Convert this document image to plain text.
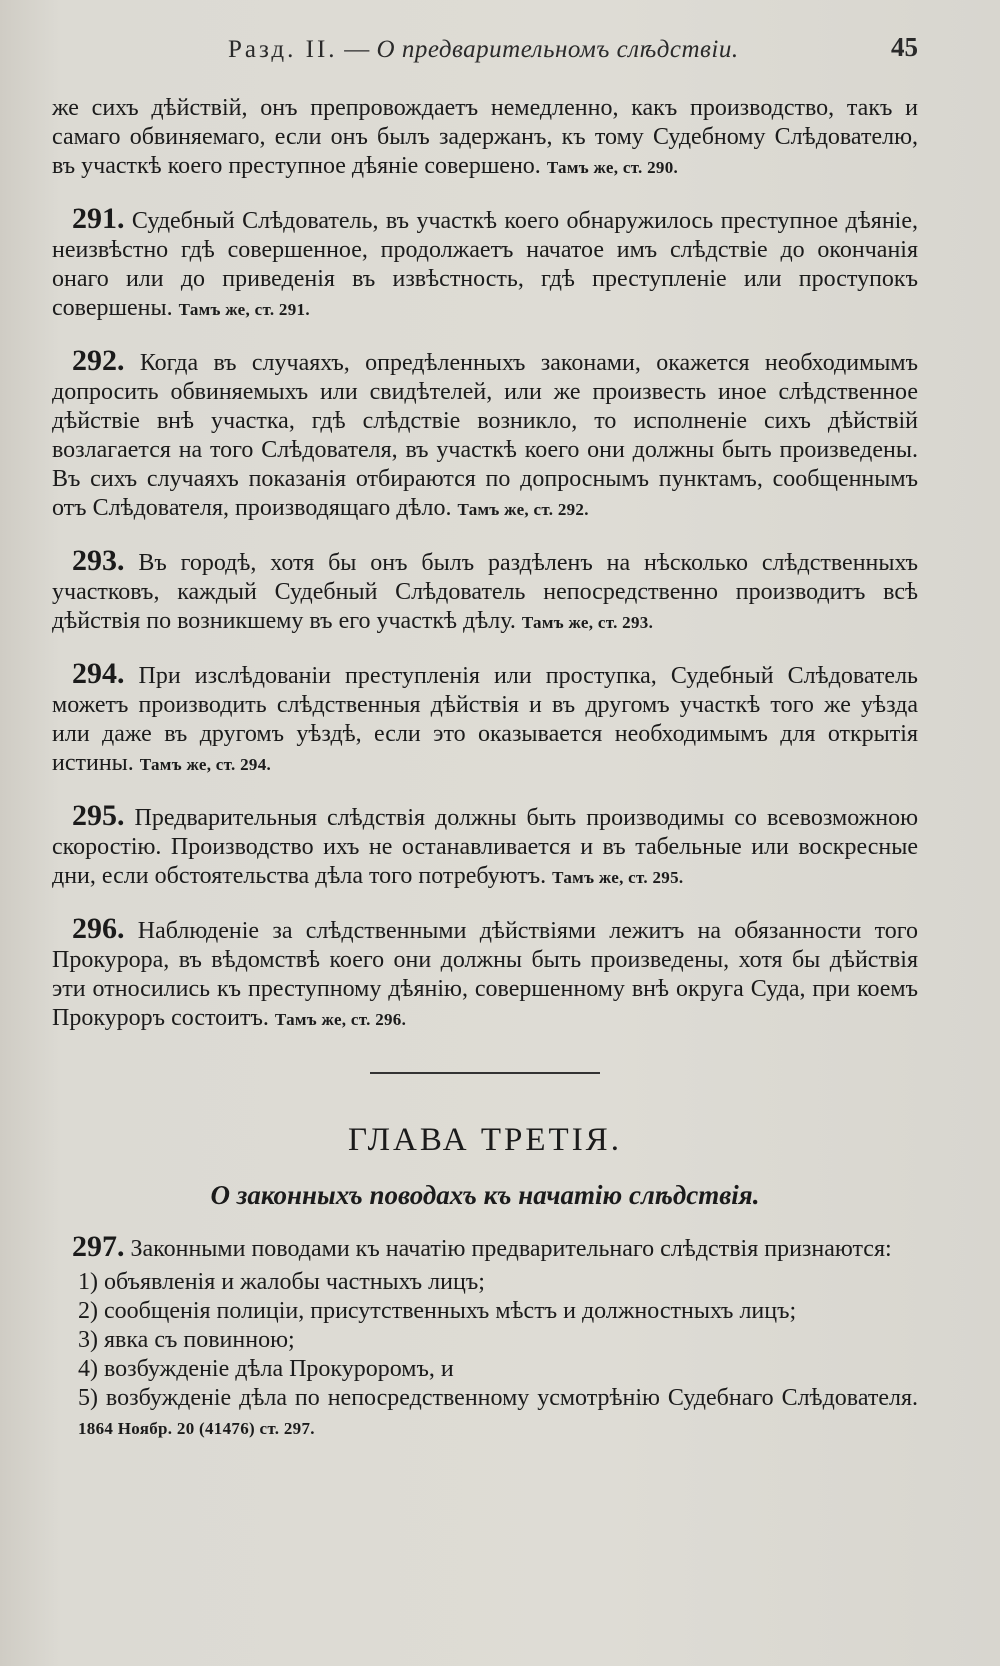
Разд. II. — О предварительномъ слѣдствіи.	45

же сихъ дѣйствій, онъ препровождаетъ немедленно, какъ производство, такъ и самаго обвиняемаго, если онъ былъ задержанъ, къ тому Судебному Слѣдователю, въ участкѣ коего преступное дѣяніе совершено. Тамъ же, ст. 290.

291. Судебный Слѣдователь, въ участкѣ коего обнаружилось преступное дѣяніе, неизвѣстно гдѣ совершенное, продолжаетъ начатое имъ слѣдствіе до окончанія онаго или до приведенія въ извѣстность, гдѣ преступленіе или проступокъ совершены. Тамъ же, ст. 291.

292. Когда въ случаяхъ, опредѣленныхъ законами, окажется необходимымъ допросить обвиняемыхъ или свидѣтелей, или же произвесть иное слѣдственное дѣйствіе внѣ участка, гдѣ слѣдствіе возникло, то исполненіе сихъ дѣйствій возлагается на того Слѣдователя, въ участкѣ коего они должны быть произведены. Въ сихъ случаяхъ показанія отбираются по допроснымъ пунктамъ, сообщеннымъ отъ Слѣдователя, производящаго дѣло. Тамъ же, ст. 292.

293. Въ городѣ, хотя бы онъ былъ раздѣленъ на нѣсколько слѣдственныхъ участковъ, каждый Судебный Слѣдователь непосредственно производитъ всѣ дѣйствія по возникшему въ его участкѣ дѣлу. Тамъ же, ст. 293.

294. При изслѣдованіи преступленія или проступка, Судебный Слѣдователь можетъ производить слѣдственныя дѣйствія и въ другомъ участкѣ того же уѣзда или даже въ другомъ уѣздѣ, если это оказывается необходимымъ для открытія истины. Тамъ же, ст. 294.

295. Предварительныя слѣдствія должны быть производимы со всевозможною скоростію. Производство ихъ не останавливается и въ табельные или воскресные дни, если обстоятельства дѣла того потребуютъ. Тамъ же, ст. 295.

296. Наблюденіе за слѣдственными дѣйствіями лежитъ на обязанности того Прокурора, въ вѣдомствѣ коего они должны быть произведены, хотя бы дѣйствія эти относились къ преступному дѣянію, совершенному внѣ округа Суда, при коемъ Прокуроръ состоитъ. Тамъ же, ст. 296.

ГЛАВА ТРЕТІЯ.
О законныхъ поводахъ къ начатію слѣдствія.

297. Законными поводами къ начатію предварительнаго слѣдствія признаются:

1) объявленія и жалобы частныхъ лицъ;
2) сообщенія полиціи, присутственныхъ мѣстъ и должностныхъ лицъ;
3) явка съ повинною;
4) возбужденіе дѣла Прокуроромъ, и
5) возбужденіе дѣла по непосредственному усмотрѣнію Судебнаго Слѣдователя. 1864 Ноябр. 20 (41476) ст. 297.
